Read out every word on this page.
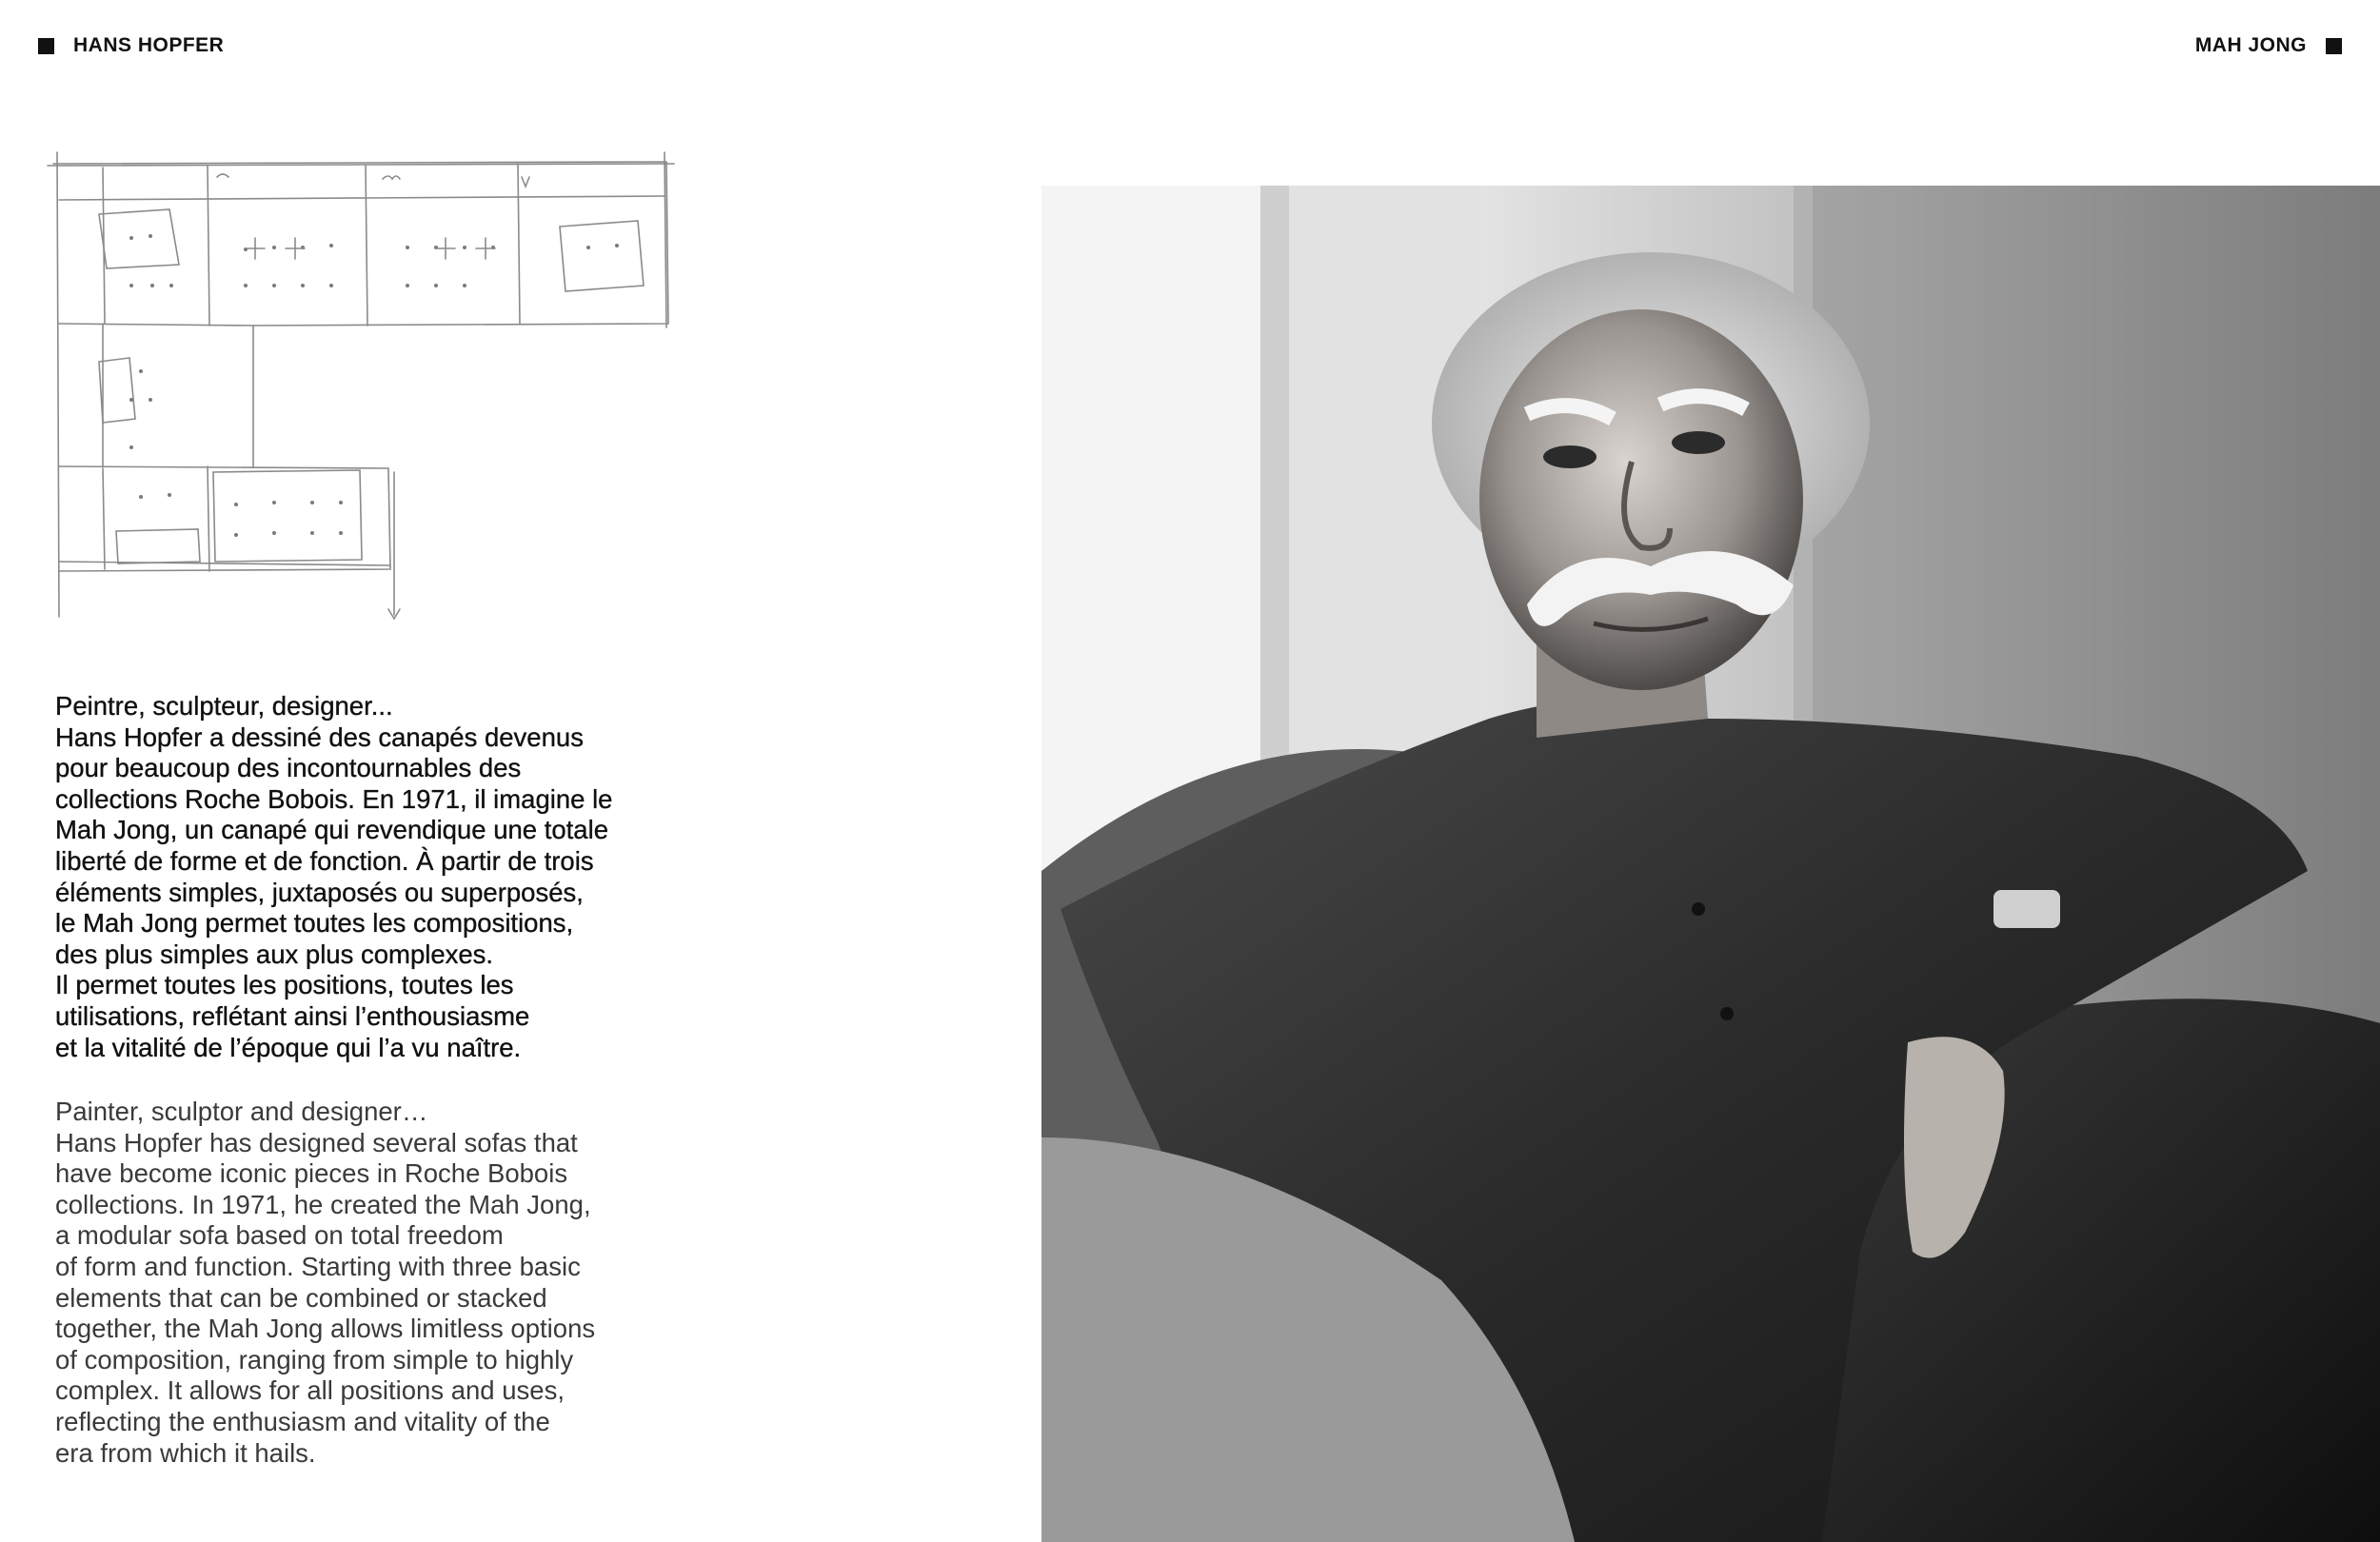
HANS HOPFER	MAH JONG
Peintre, sculpteur, designer...
Hans Hopfer a dessiné des canapés devenus
pour beaucoup des incontournables des
collections Roche Bobois. En 1971, il imagine le
Mah Jong, un canapé qui revendique une totale
liberté de forme et de fonction. À partir de trois
éléments simples, juxtaposés ou superposés,
le Mah Jong permet toutes les compositions,
des plus simples aux plus complexes.
Il permet toutes les positions, toutes les
utilisations, reflétant ainsi l’enthousiasme
et la vitalité de l’époque qui l’a vu naître.
Painter, sculptor and designer…
Hans Hopfer has designed several sofas that
have become iconic pieces in Roche Bobois
collections. In 1971, he created the Mah Jong,
a modular sofa based on total freedom
of form and function. Starting with three basic
elements that can be combined or stacked
together, the Mah Jong allows limitless options
of composition, ranging from simple to highly
complex. It allows for all positions and uses,
reflecting the enthusiasm and vitality of the
era from which it hails.
